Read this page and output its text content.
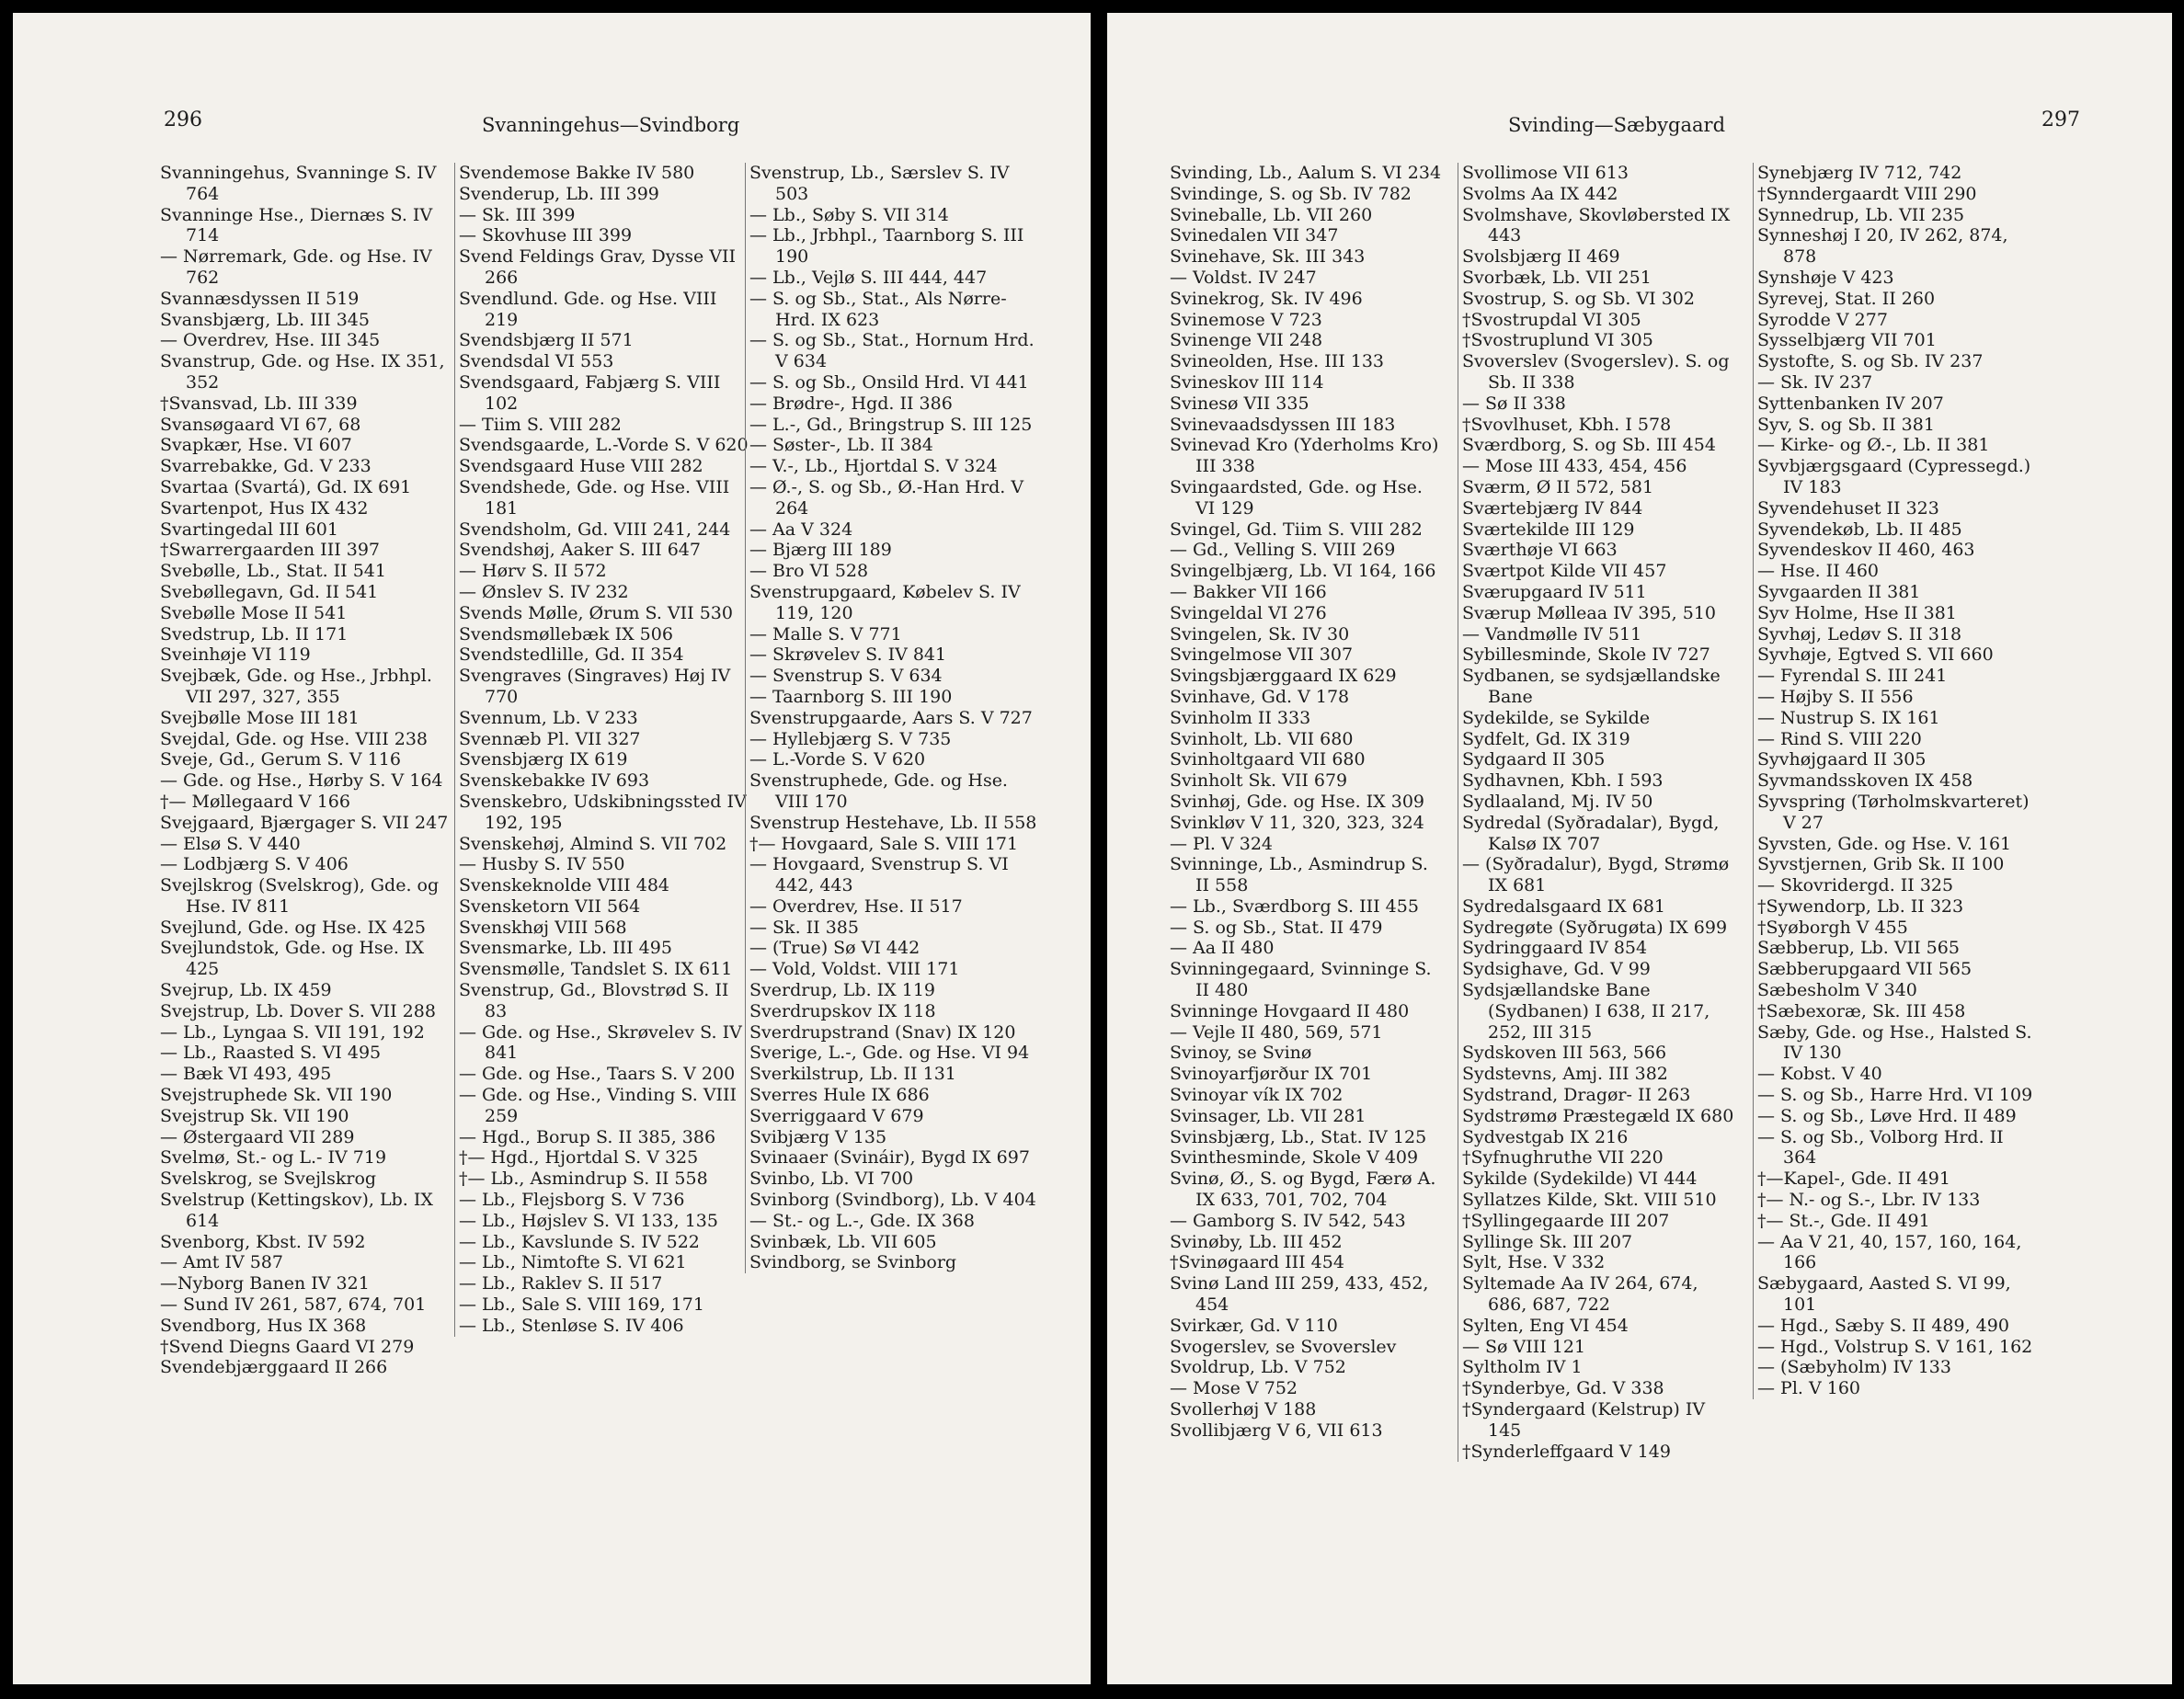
296	Svanningehus—Svindborg

Svanningehus, Svanninge S. IV 764

Svanninge Hse., Diernæs S. IV 714

— Nørremark, Gde. og Hse. IV 762

Svannæsdyssen II 519

Svansbjærg, Lb. III 345

— Overdrev, Hse. III 345

Svanstrup, Gde. og Hse. IX 351, 352

†Svansvad, Lb. III 339

Svansøgaard VI 67, 68

Svapkær, Hse. VI 607

Svarrebakke, Gd. V 233

Svartaa (Svartá), Gd. IX 691

Svartenpot, Hus IX 432

Svartingedal III 601

†Swarrergaarden III 397

Svebølle, Lb., Stat. II 541

Svebøllegavn, Gd. II 541

Svebølle Mose II 541

Svedstrup, Lb. II 171

Sveinhøje VI 119

Svejbæk, Gde. og Hse., Jrbhpl. VII 297, 327, 355

Svejbølle Mose III 181

Svejdal, Gde. og Hse. VIII 238

Sveje, Gd., Gerum S. V 116

— Gde. og Hse., Hørby S. V 164

†— Møllegaard V 166

Svejgaard, Bjærgager S. VII 247

— Elsø S. V 440

— Lodbjærg S. V 406

Svejlskrog (Svelskrog), Gde. og Hse. IV 811

Svejlund, Gde. og Hse. IX 425

Svejlundstok, Gde. og Hse. IX 425

Svejrup, Lb. IX 459

Svejstrup, Lb. Dover S. VII 288

— Lb., Lyngaa S. VII 191, 192

— Lb., Raasted S. VI 495

— Bæk VI 493, 495

Svejstruphede Sk. VII 190

Svejstrup Sk. VII 190

— Østergaard VII 289

Svelmø, St.- og L.- IV 719

Svelskrog, se Svejlskrog

Svelstrup (Kettingskov), Lb. IX 614

Svenborg, Kbst. IV 592

— Amt IV 587

—Nyborg Banen IV 321

— Sund IV 261, 587, 674, 701

Svendborg, Hus IX 368

†Svend Diegns Gaard VI 279

Svendebjærggaard II 266

Svendemose Bakke IV 580

Svenderup, Lb. III 399

— Sk. III 399

— Skovhuse III 399

Svend Feldings Grav, Dysse VII 266

Svendlund. Gde. og Hse. VIII 219

Svendsbjærg II 571

Svendsdal VI 553

Svendsgaard, Fabjærg S. VIII 102

— Tiim S. VIII 282

Svendsgaarde, L.-Vorde S. V 620

Svendsgaard Huse VIII 282

Svendshede, Gde. og Hse. VIII 181

Svendsholm, Gd. VIII 241, 244

Svendshøj, Aaker S. III 647

— Hørv S. II 572

— Ønslev S. IV 232

Svends Mølle, Ørum S. VII 530

Svendsmøllebæk IX 506

Svendstedlille, Gd. II 354

Svengraves (Singraves) Høj IV 770

Svennum, Lb. V 233

Svennæb Pl. VII 327

Svensbjærg IX 619

Svenskebakke IV 693

Svenskebro, Udskibningssted IV 192, 195

Svenskehøj, Almind S. VII 702

— Husby S. IV 550

Svenskeknolde VIII 484

Svensketorn VII 564

Svenskhøj VIII 568

Svensmarke, Lb. III 495

Svensmølle, Tandslet S. IX 611

Svenstrup, Gd., Blovstrød S. II 83

— Gde. og Hse., Skrøvelev S. IV 841

— Gde. og Hse., Taars S. V 200

— Gde. og Hse., Vinding S. VIII 259

— Hgd., Borup S. II 385, 386

†— Hgd., Hjortdal S. V 325

†— Lb., Asmindrup S. II 558

— Lb., Flejsborg S. V 736

— Lb., Højslev S. VI 133, 135

— Lb., Kavslunde S. IV 522

— Lb., Nimtofte S. VI 621

— Lb., Raklev S. II 517

— Lb., Sale S. VIII 169, 171

— Lb., Stenløse S. IV 406

Svenstrup, Lb., Særslev S. IV 503

— Lb., Søby S. VII 314

— Lb., Jrbhpl., Taarnborg S. III 190

— Lb., Vejlø S. III 444, 447

— S. og Sb., Stat., Als Nørre-Hrd. IX 623

— S. og Sb., Stat., Hornum Hrd. V 634

— S. og Sb., Onsild Hrd. VI 441

— Brødre-, Hgd. II 386

— L.-, Gd., Bringstrup S. III 125

— Søster-, Lb. II 384

— V.-, Lb., Hjortdal S. V 324

— Ø.-, S. og Sb., Ø.-Han Hrd. V 264

— Aa V 324

— Bjærg III 189

— Bro VI 528

Svenstrupgaard, Købelev S. IV 119, 120

— Malle S. V 771

— Skrøvelev S. IV 841

— Svenstrup S. V 634

— Taarnborg S. III 190

Svenstrupgaarde, Aars S. V 727

— Hyllebjærg S. V 735

— L.-Vorde S. V 620

Svenstruphede, Gde. og Hse. VIII 170

Svenstrup Hestehave, Lb. II 558

†— Hovgaard, Sale S. VIII 171

— Hovgaard, Svenstrup S. VI 442, 443

— Overdrev, Hse. II 517

— Sk. II 385

— (True) Sø VI 442

— Vold, Voldst. VIII 171

Sverdrup, Lb. IX 119

Sverdrupskov IX 118

Sverdrupstrand (Snav) IX 120

Sverige, L.-, Gde. og Hse. VI 94

Sverkilstrup, Lb. II 131

Sverres Hule IX 686

Sverriggaard V 679

Svibjærg V 135

Svinaaer (Svináir), Bygd IX 697

Svinbo, Lb. VI 700

Svinborg (Svindborg), Lb. V 404

— St.- og L.-, Gde. IX 368

Svinbæk, Lb. VII 605

Svindborg, se Svinborg

Svinding—Sæbygaard	297

Svinding, Lb., Aalum S. VI 234

Svindinge, S. og Sb. IV 782

Svineballe, Lb. VII 260

Svinedalen VII 347

Svinehave, Sk. III 343

— Voldst. IV 247

Svinekrog, Sk. IV 496

Svinemose V 723

Svinenge VII 248

Svineolden, Hse. III 133

Svineskov III 114

Svinesø VII 335

Svinevaadsdyssen III 183

Svinevad Kro (Yderholms Kro) III 338

Svingaardsted, Gde. og Hse. VI 129

Svingel, Gd. Tiim S. VIII 282

— Gd., Velling S. VIII 269

Svingelbjærg, Lb. VI 164, 166

— Bakker VII 166

Svingeldal VI 276

Svingelen, Sk. IV 30

Svingelmose VII 307

Svingsbjærggaard IX 629

Svinhave, Gd. V 178

Svinholm II 333

Svinholt, Lb. VII 680

Svinholtgaard VII 680

Svinholt Sk. VII 679

Svinhøj, Gde. og Hse. IX 309

Svinkløv V 11, 320, 323, 324

— Pl. V 324

Svinninge, Lb., Asmindrup S. II 558

— Lb., Sværdborg S. III 455

— S. og Sb., Stat. II 479

— Aa II 480

Svinningegaard, Svinninge S. II 480

Svinninge Hovgaard II 480

— Vejle II 480, 569, 571

Svinoy, se Svinø

Svinoyarfjørður IX 701

Svinoyar vík IX 702

Svinsager, Lb. VII 281

Svinsbjærg, Lb., Stat. IV 125

Svinthesminde, Skole V 409

Svinø, Ø., S. og Bygd, Færø A. IX 633, 701, 702, 704

— Gamborg S. IV 542, 543

Svinøby, Lb. III 452

†Svinøgaard III 454

Svinø Land III 259, 433, 452, 454

Svirkær, Gd. V 110

Svogerslev, se Svoverslev

Svoldrup, Lb. V 752

— Mose V 752

Svollerhøj V 188

Svollibjærg V 6, VII 613

Svollimose VII 613

Svolms Aa IX 442

Svolmshave, Skovløbersted IX 443

Svolsbjærg II 469

Svorbæk, Lb. VII 251

Svostrup, S. og Sb. VI 302

†Svostrupdal VI 305

†Svostruplund VI 305

Svoverslev (Svogerslev). S. og Sb. II 338

— Sø II 338

†Svovlhuset, Kbh. I 578

Sværdborg, S. og Sb. III 454

— Mose III 433, 454, 456

Sværm, Ø II 572, 581

Sværtebjærg IV 844

Sværtekilde III 129

Sværthøje VI 663

Sværtpot Kilde VII 457

Sværupgaard IV 511

Sværup Mølleaa IV 395, 510

— Vandmølle IV 511

Sybillesminde, Skole IV 727

Sydbanen, se sydsjællandske Bane

Sydekilde, se Sykilde

Sydfelt, Gd. IX 319

Sydgaard II 305

Sydhavnen, Kbh. I 593

Sydlaaland, Mj. IV 50

Sydredal (Syðradalar), Bygd, Kalsø IX 707

— (Syðradalur), Bygd, Strømø IX 681

Sydredalsgaard IX 681

Sydregøte (Syðrugøta) IX 699

Sydringgaard IV 854

Sydsighave, Gd. V 99

Sydsjællandske Bane (Sydbanen) I 638, II 217, 252, III 315

Sydskoven III 563, 566

Sydstevns, Amj. III 382

Sydstrand, Dragør- II 263

Sydstrømø Præstegæld IX 680

Sydvestgab IX 216

†Syfnughruthe VII 220

Sykilde (Sydekilde) VI 444

Syllatzes Kilde, Skt. VIII 510

†Syllingegaarde III 207

Syllinge Sk. III 207

Sylt, Hse. V 332

Syltemade Aa IV 264, 674, 686, 687, 722

Sylten, Eng VI 454

— Sø VIII 121

Syltholm IV 1

†Synderbye, Gd. V 338

†Syndergaard (Kelstrup) IV 145

†Synderleffgaard V 149

Synebjærg IV 712, 742

†Synndergaardt VIII 290

Synnedrup, Lb. VII 235

Synneshøj I 20, IV 262, 874, 878

Synshøje V 423

Syrevej, Stat. II 260

Syrodde V 277

Sysselbjærg VII 701

Systofte, S. og Sb. IV 237

— Sk. IV 237

Syttenbanken IV 207

Syv, S. og Sb. II 381

— Kirke- og Ø.-, Lb. II 381

Syvbjærgsgaard (Cypressegd.) IV 183

Syvendehuset II 323

Syvendekøb, Lb. II 485

Syvendeskov II 460, 463

— Hse. II 460

Syvgaarden II 381

Syv Holme, Hse II 381

Syvhøj, Ledøv S. II 318

Syvhøje, Egtved S. VII 660

— Fyrendal S. III 241

— Højby S. II 556

— Nustrup S. IX 161

— Rind S. VIII 220

Syvhøjgaard II 305

Syvmandsskoven IX 458

Syvspring (Tørholmskvarteret) V 27

Syvsten, Gde. og Hse. V. 161

Syvstjernen, Grib Sk. II 100

— Skovridergd. II 325

†Sywendorp, Lb. II 323

†Syøborgh V 455

Sæbberup, Lb. VII 565

Sæbberupgaard VII 565

Sæbesholm V 340

†Sæbexoræ, Sk. III 458

Sæby, Gde. og Hse., Halsted S. IV 130

— Kobst. V 40

— S. og Sb., Harre Hrd. VI 109

— S. og Sb., Løve Hrd. II 489

— S. og Sb., Volborg Hrd. II 364

†—Kapel-, Gde. II 491

†— N.- og S.-, Lbr. IV 133

†— St.-, Gde. II 491

— Aa V 21, 40, 157, 160, 164, 166

Sæbygaard, Aasted S. VI 99, 101

— Hgd., Sæby S. II 489, 490

— Hgd., Volstrup S. V 161, 162

— (Sæbyholm) IV 133

— Pl. V 160
